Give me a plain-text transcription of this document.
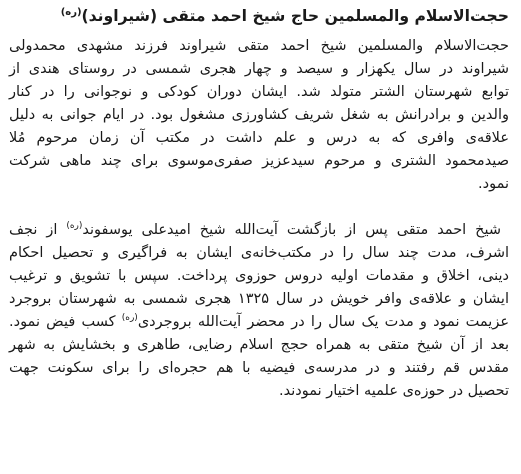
حجت‌الاسلام والمسلمین حاج شیخ احمد متقی (شیراوند)$^{(ره)}$
حجت‌الاسلام والمسلمین شیخ احمد متقی شیراوند فرزند مشهدی محمدولی
شیراوند در سال یکهزار و سیصد و چهار هجری شمسی در روستای هندی از
توابع شهرستان الشتر متولد شد. ایشان دوران کودکی و نوجوانی را در کنار
والدین و برادرانش به شغل شریف کشاورزی مشغول بود. در ایام جوانی به دلیل
علاقه‌ی وافری که به درس و علم داشت در مکتب آن زمان مرحوم مُلا
صیدمحمود الشتری و مرحوم سیدعزیز صفری‌موسوی برای چند ماهی شرکت
نمود.
شیخ احمد متقی پس از بازگشت آیت‌الله شیخ امیدعلی یوسفوند$^{(ره)}$ از نجف
اشرف، مدت چند سال را در مکتب‌خانه‌ی ایشان به فراگیری و تحصیل احکام
دینی، اخلاق و مقدمات اولیه دروس حوزوی پرداخت. سپس با تشویق و ترغیب
ایشان و علاقه‌ی وافر خویش در سال ۱۳۲۵ هجری شمسی به شهرستان بروجرد
عزیمت نمود و مدت یک سال را در محضر آیت‌الله بروجردی$^{(ره)}$ کسب فیض نمود.
بعد از آن شیخ متقی به همراه حجج اسلام رضایی، طاهری و بخشایش به شهر
مقدس قم رفتند و در مدرسه‌ی فیضیه با هم حجره‌ای را برای سکونت جهت
تحصیل در حوزه‌ی علمیه اختیار نمودند.
